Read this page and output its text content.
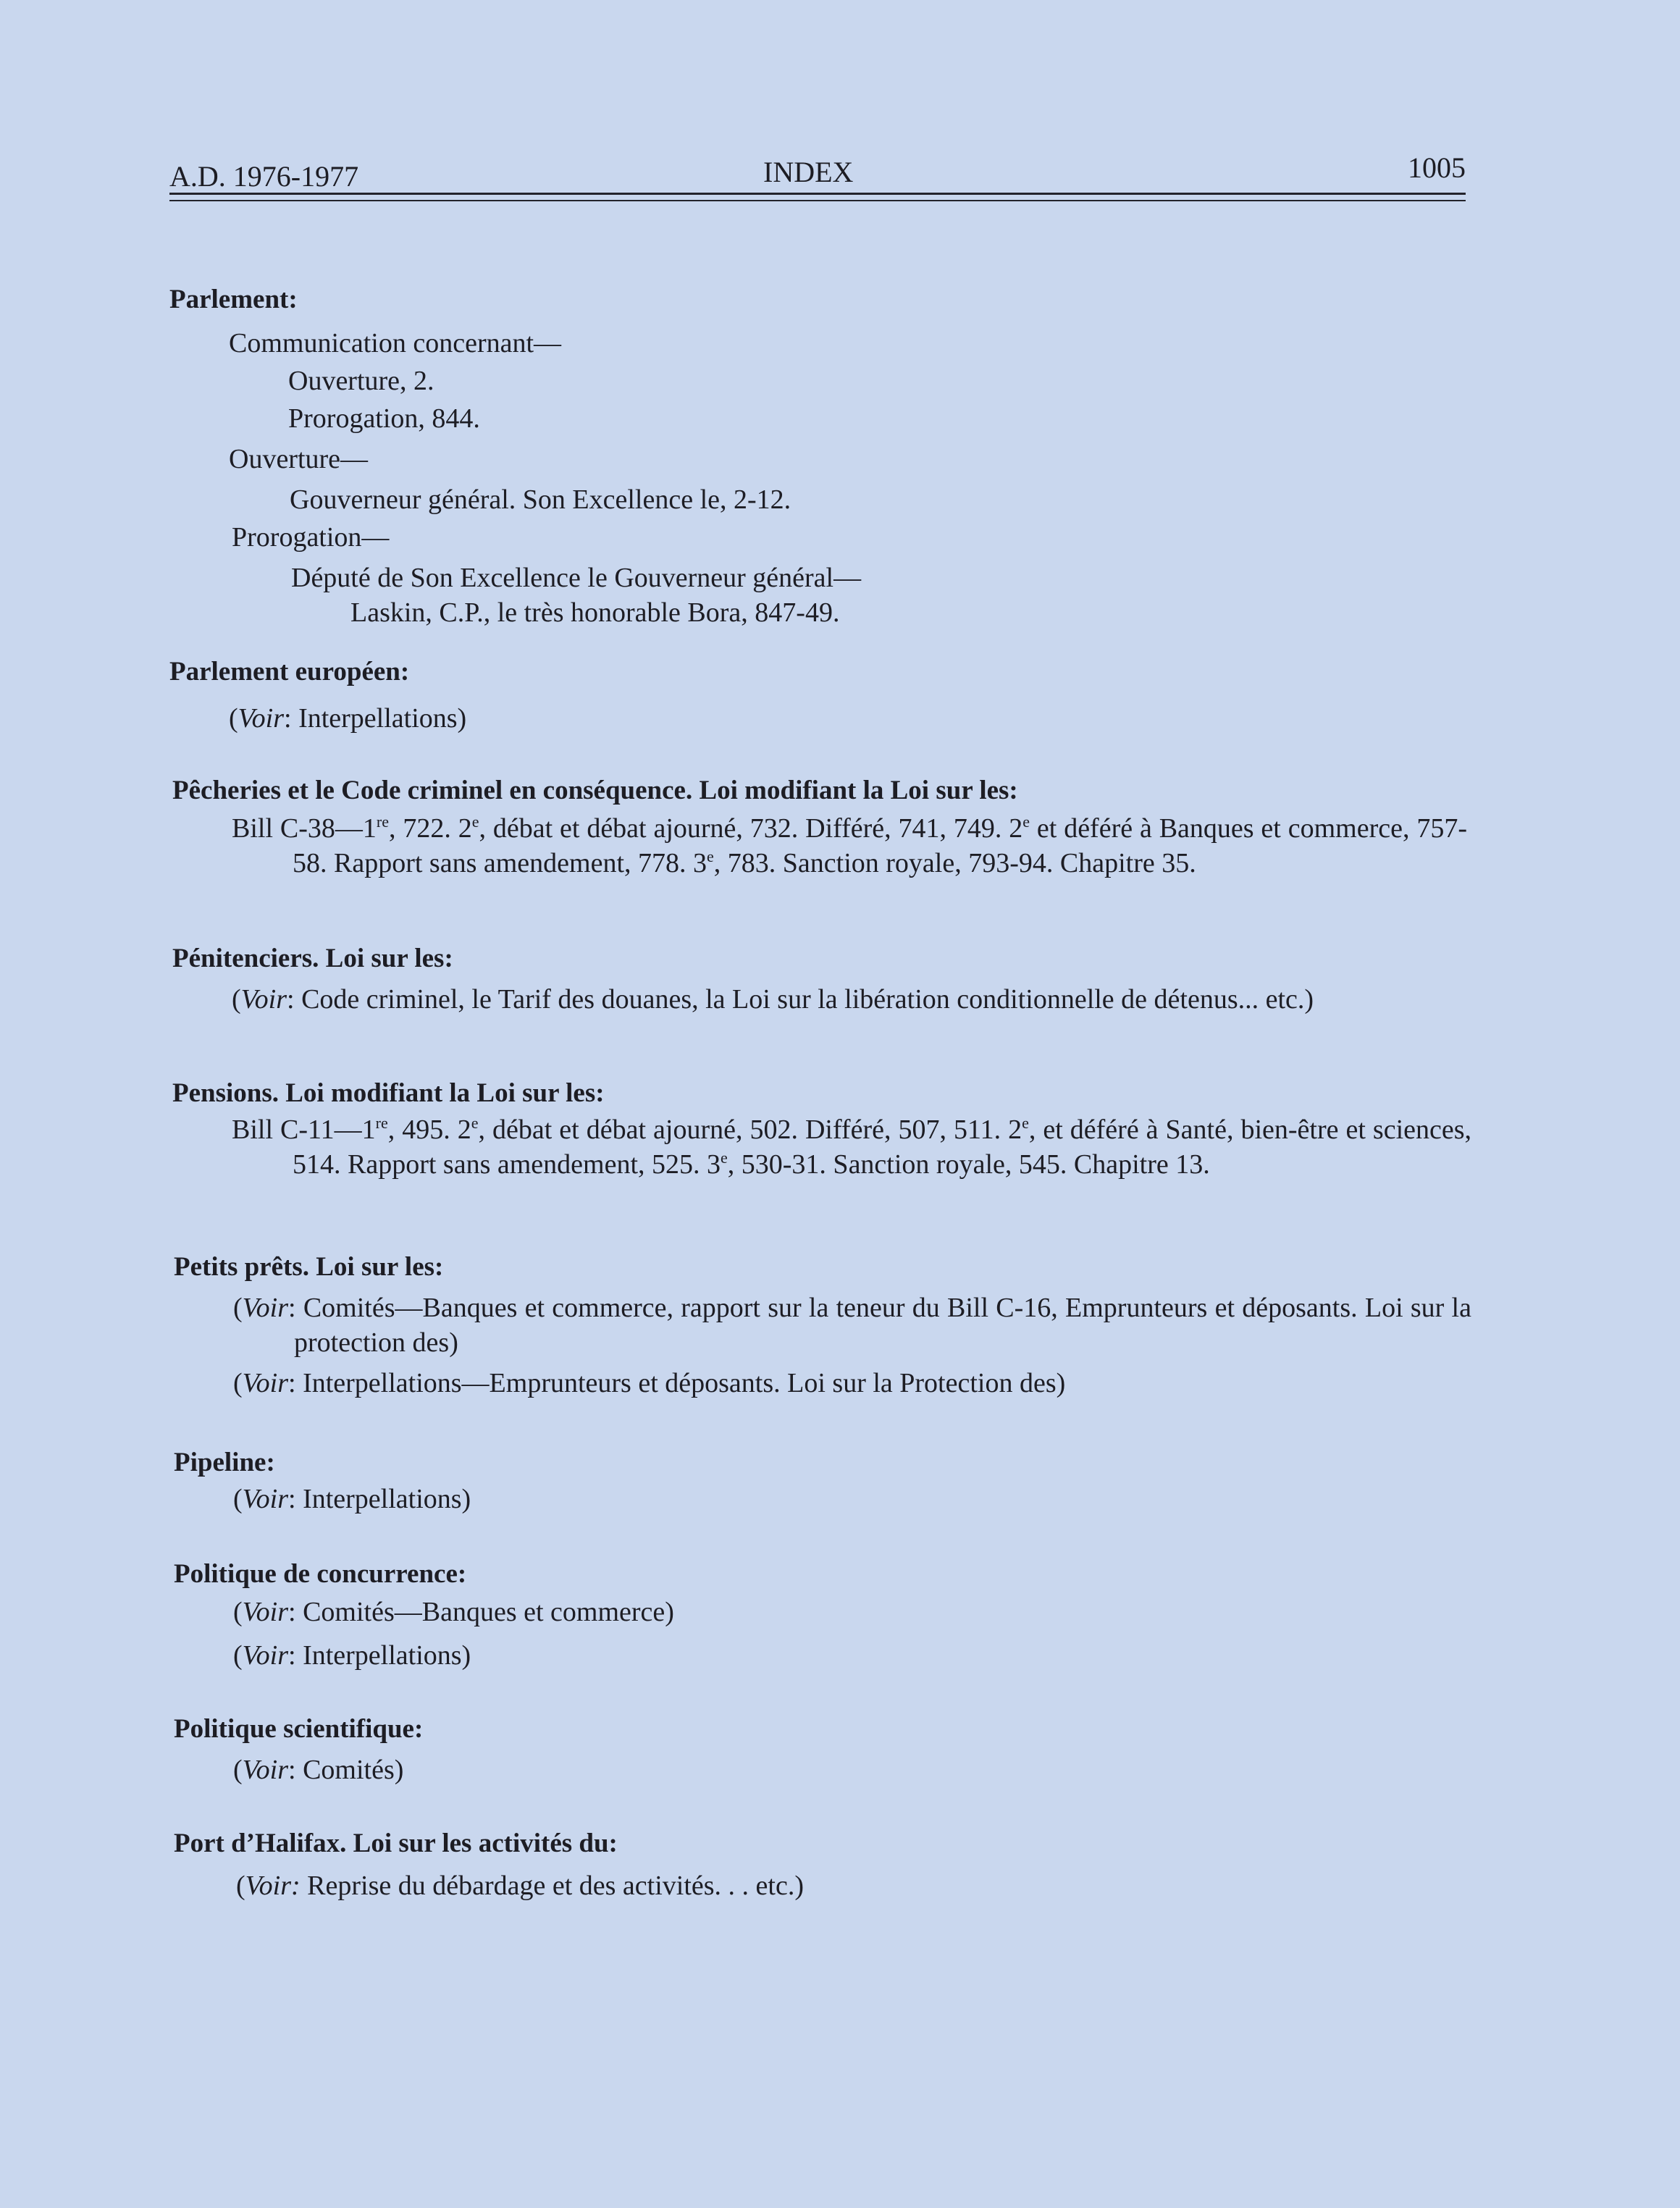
A.D. 1976-1977	INDEX	1005
Parlement:
Communication concernant—
Ouverture, 2.
Prorogation, 844.
Ouverture—
Gouverneur général. Son Excellence le, 2-12.
Prorogation—
Député de Son Excellence le Gouverneur général—
Laskin, C.P., le très honorable Bora, 847-49.
Parlement européen:
(Voir: Interpellations)
Pêcheries et le Code criminel en conséquence. Loi modifiant la Loi sur les:
Bill C-38—1re, 722. 2e, débat et débat ajourné, 732. Différé, 741, 749. 2e et déféré à Banques et commerce, 757-58. Rapport sans amendement, 778. 3e, 783. Sanction royale, 793-94. Chapitre 35.
Pénitenciers. Loi sur les:
(Voir: Code criminel, le Tarif des douanes, la Loi sur la libération conditionnelle de détenus... etc.)
Pensions. Loi modifiant la Loi sur les:
Bill C-11—1re, 495. 2e, débat et débat ajourné, 502. Différé, 507, 511. 2e, et déféré à Santé, bien-être et sciences, 514. Rapport sans amendement, 525. 3e, 530-31. Sanction royale, 545. Chapitre 13.
Petits prêts. Loi sur les:
(Voir: Comités—Banques et commerce, rapport sur la teneur du Bill C-16, Emprunteurs et déposants. Loi sur la protection des)
(Voir: Interpellations—Emprunteurs et déposants. Loi sur la Protection des)
Pipeline:
(Voir: Interpellations)
Politique de concurrence:
(Voir: Comités—Banques et commerce)
(Voir: Interpellations)
Politique scientifique:
(Voir: Comités)
Port d’Halifax. Loi sur les activités du:
(Voir: Reprise du débardage et des activités. . . etc.)
